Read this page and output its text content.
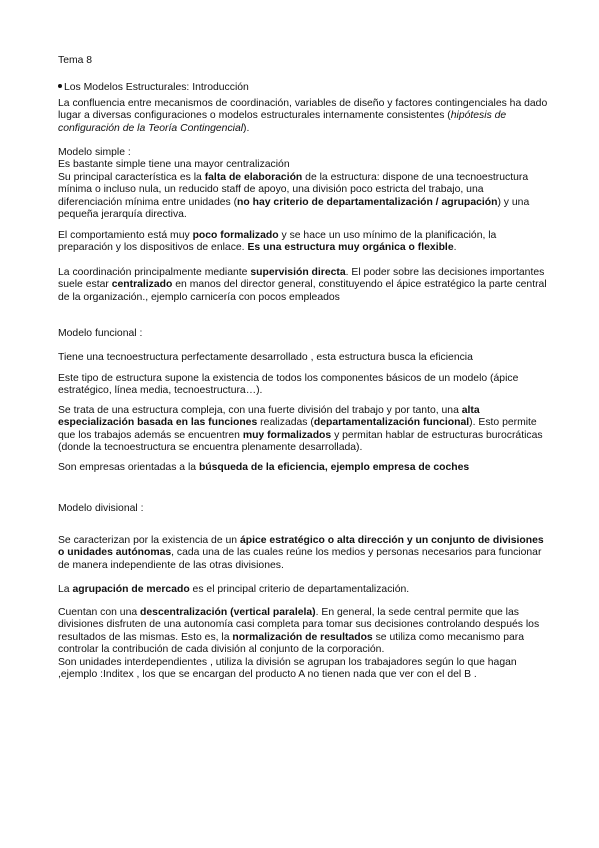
Tema 8

Los Modelos Estructurales: Introducción

La confluencia entre mecanismos de coordinación, variables de diseño y factores contingenciales ha dado lugar a diversas configuraciones o modelos estructurales internamente consistentes (hipótesis de configuración de la Teoría Contingencial).

Modelo simple :

Es bastante simple tiene una mayor centralización

Su principal característica es la falta de elaboración de la estructura: dispone de una tecnoestructura mínima o incluso nula, un reducido staff de apoyo, una división poco estricta del trabajo, una diferenciación mínima entre unidades (no hay criterio de departamentalización / agrupación) y una pequeña jerarquía directiva.

El comportamiento está muy poco formalizado y se hace un uso mínimo de la planificación, la preparación y los dispositivos de enlace. Es una estructura muy orgánica o flexible.

La coordinación principalmente mediante supervisión directa. El poder sobre las decisiones importantes suele estar centralizado en manos del director general, constituyendo el ápice estratégico la parte central de la organización., ejemplo carnicería con pocos empleados

Modelo funcional :

Tiene una tecnoestructura perfectamente desarrollado , esta estructura busca la eficiencia

Este tipo de estructura supone la existencia de todos los componentes básicos de un modelo (ápice estratégico, línea media, tecnoestructura…).

Se trata de una estructura compleja, con una fuerte división del trabajo y por tanto, una alta especialización basada en las funciones realizadas (departamentalización funcional). Esto permite que los trabajos además se encuentren muy formalizados y permitan hablar de estructuras burocráticas (donde la tecnoestructura se encuentra plenamente desarrollada).

Son empresas orientadas a la búsqueda de la eficiencia, ejemplo empresa de coches

Modelo divisional :

Se caracterizan por la existencia de un ápice estratégico o alta dirección y un conjunto de divisiones o unidades autónomas, cada una de las cuales reúne los medios y personas necesarios para funcionar de manera independiente de las otras divisiones.

La agrupación de mercado es el principal criterio de departamentalización.

Cuentan con una descentralización (vertical paralela). En general, la sede central permite que las divisiones disfruten de una autonomía casi completa para tomar sus decisiones controlando después los resultados de las mismas. Esto es, la normalización de resultados se utiliza como mecanismo para controlar la contribución de cada división al conjunto de la corporación.

Son unidades interdependientes , utiliza la división se agrupan los trabajadores según lo que hagan ,ejemplo :Inditex , los que se encargan del producto A no tienen nada que ver con el del B .
